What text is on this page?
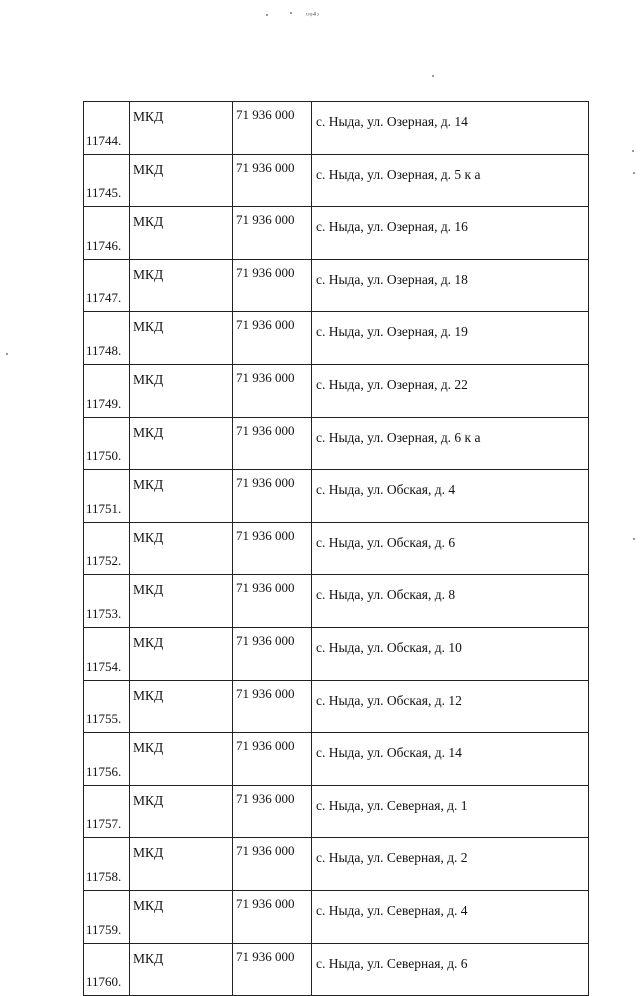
ᵘᵠ⁴ᵓ
11744.	МКД	71 936 000	с. Ныда, ул. Озерная, д. 14
11745.	МКД	71 936 000	с. Ныда, ул. Озерная, д. 5 к а
11746.	МКД	71 936 000	с. Ныда, ул. Озерная, д. 16
11747.	МКД	71 936 000	с. Ныда, ул. Озерная, д. 18
11748.	МКД	71 936 000	с. Ныда, ул. Озерная, д. 19
11749.	МКД	71 936 000	с. Ныда, ул. Озерная, д. 22
11750.	МКД	71 936 000	с. Ныда, ул. Озерная, д. 6 к а
11751.	МКД	71 936 000	с. Ныда, ул. Обская, д. 4
11752.	МКД	71 936 000	с. Ныда, ул. Обская, д. 6
11753.	МКД	71 936 000	с. Ныда, ул. Обская, д. 8
11754.	МКД	71 936 000	с. Ныда, ул. Обская, д. 10
11755.	МКД	71 936 000	с. Ныда, ул. Обская, д. 12
11756.	МКД	71 936 000	с. Ныда, ул. Обская, д. 14
11757.	МКД	71 936 000	с. Ныда, ул. Северная, д. 1
11758.	МКД	71 936 000	с. Ныда, ул. Северная, д. 2
11759.	МКД	71 936 000	с. Ныда, ул. Северная, д. 4
11760.	МКД	71 936 000	с. Ныда, ул. Северная, д. 6
